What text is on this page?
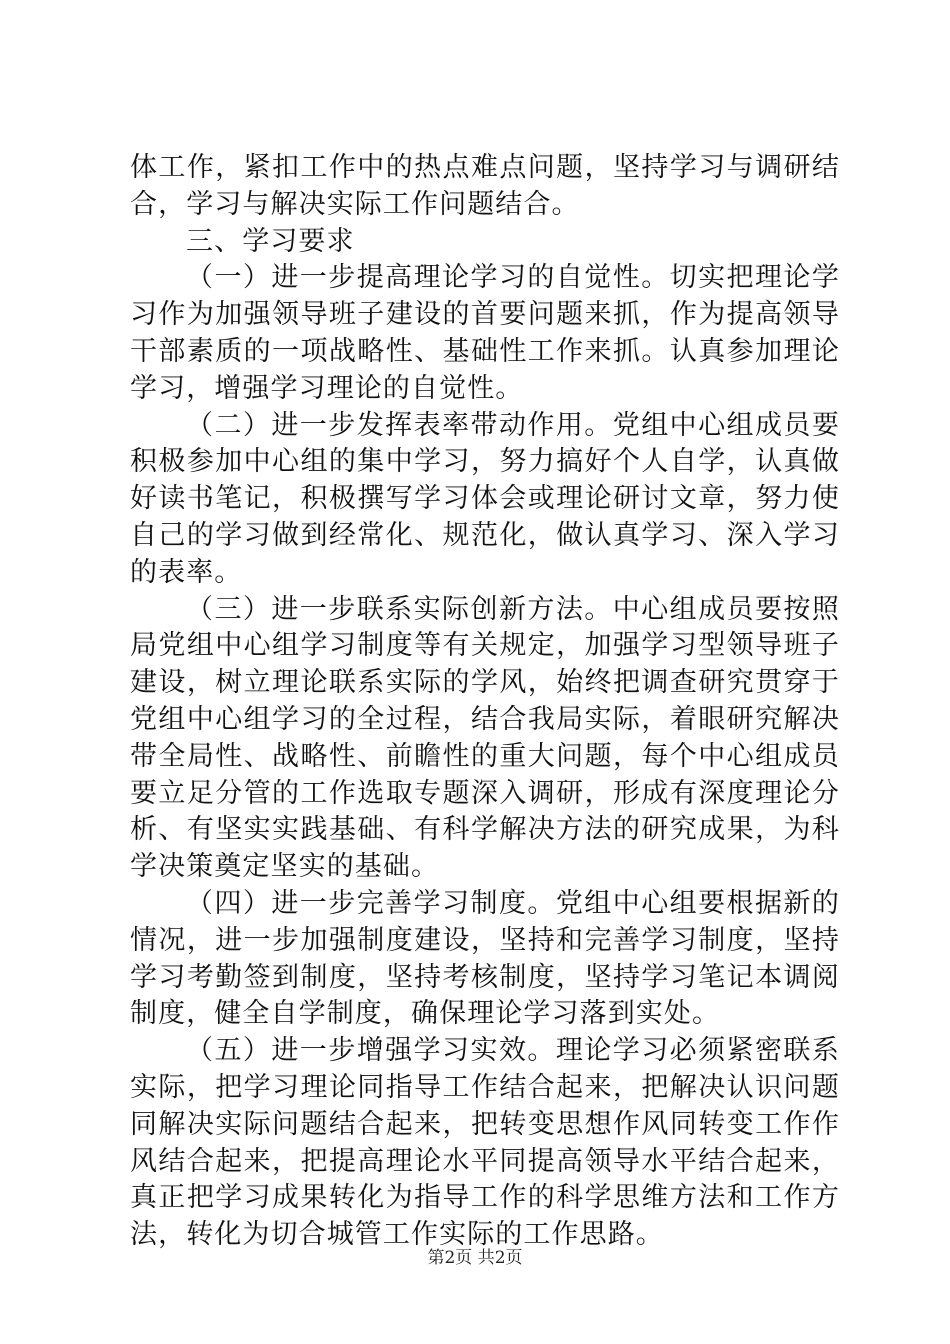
体工作，紧扣工作中的热点难点问题，坚持学习与调研结合，学习与解决实际工作问题结合。

三、学习要求

（一）进一步提高理论学习的自觉性。切实把理论学习作为加强领导班子建设的首要问题来抓，作为提高领导干部素质的一项战略性、基础性工作来抓。认真参加理论学习，增强学习理论的自觉性。

（二）进一步发挥表率带动作用。党组中心组成员要积极参加中心组的集中学习，努力搞好个人自学，认真做好读书笔记，积极撰写学习体会或理论研讨文章，努力使自己的学习做到经常化、规范化，做认真学习、深入学习的表率。

（三）进一步联系实际创新方法。中心组成员要按照局党组中心组学习制度等有关规定，加强学习型领导班子建设，树立理论联系实际的学风，始终把调查研究贯穿于党组中心组学习的全过程，结合我局实际，着眼研究解决带全局性、战略性、前瞻性的重大问题，每个中心组成员要立足分管的工作选取专题深入调研，形成有深度理论分析、有坚实实践基础、有科学解决方法的研究成果，为科学决策奠定坚实的基础。

（四）进一步完善学习制度。党组中心组要根据新的情况，进一步加强制度建设，坚持和完善学习制度，坚持学习考勤签到制度，坚持考核制度，坚持学习笔记本调阅制度，健全自学制度，确保理论学习落到实处。

（五）进一步增强学习实效。理论学习必须紧密联系实际，把学习理论同指导工作结合起来，把解决认识问题同解决实际问题结合起来，把转变思想作风同转变工作作风结合起来，把提高理论水平同提高领导水平结合起来，真正把学习成果转化为指导工作的科学思维方法和工作方法，转化为切合城管工作实际的工作思路。

第2页 共2页
